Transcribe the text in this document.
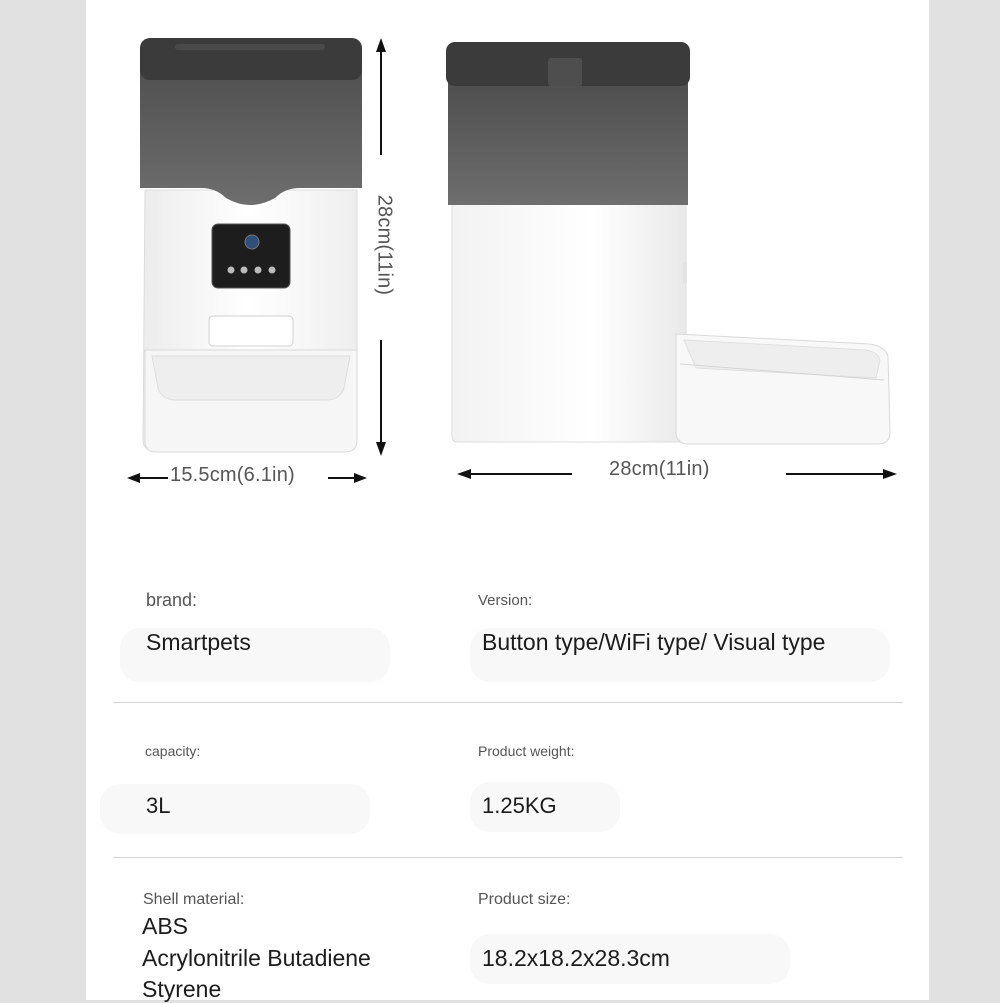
15.5cm(6.1in)	28cm(11in)
28cm(11in)
brand:
Smartpets
Version:
Button type/WiFi type/ Visual type
capacity:
3L
Product weight:
1.25KG
Shell material:
ABS
Acrylonitrile Butadiene
Styrene
Product size:
18.2x18.2x28.3cm
